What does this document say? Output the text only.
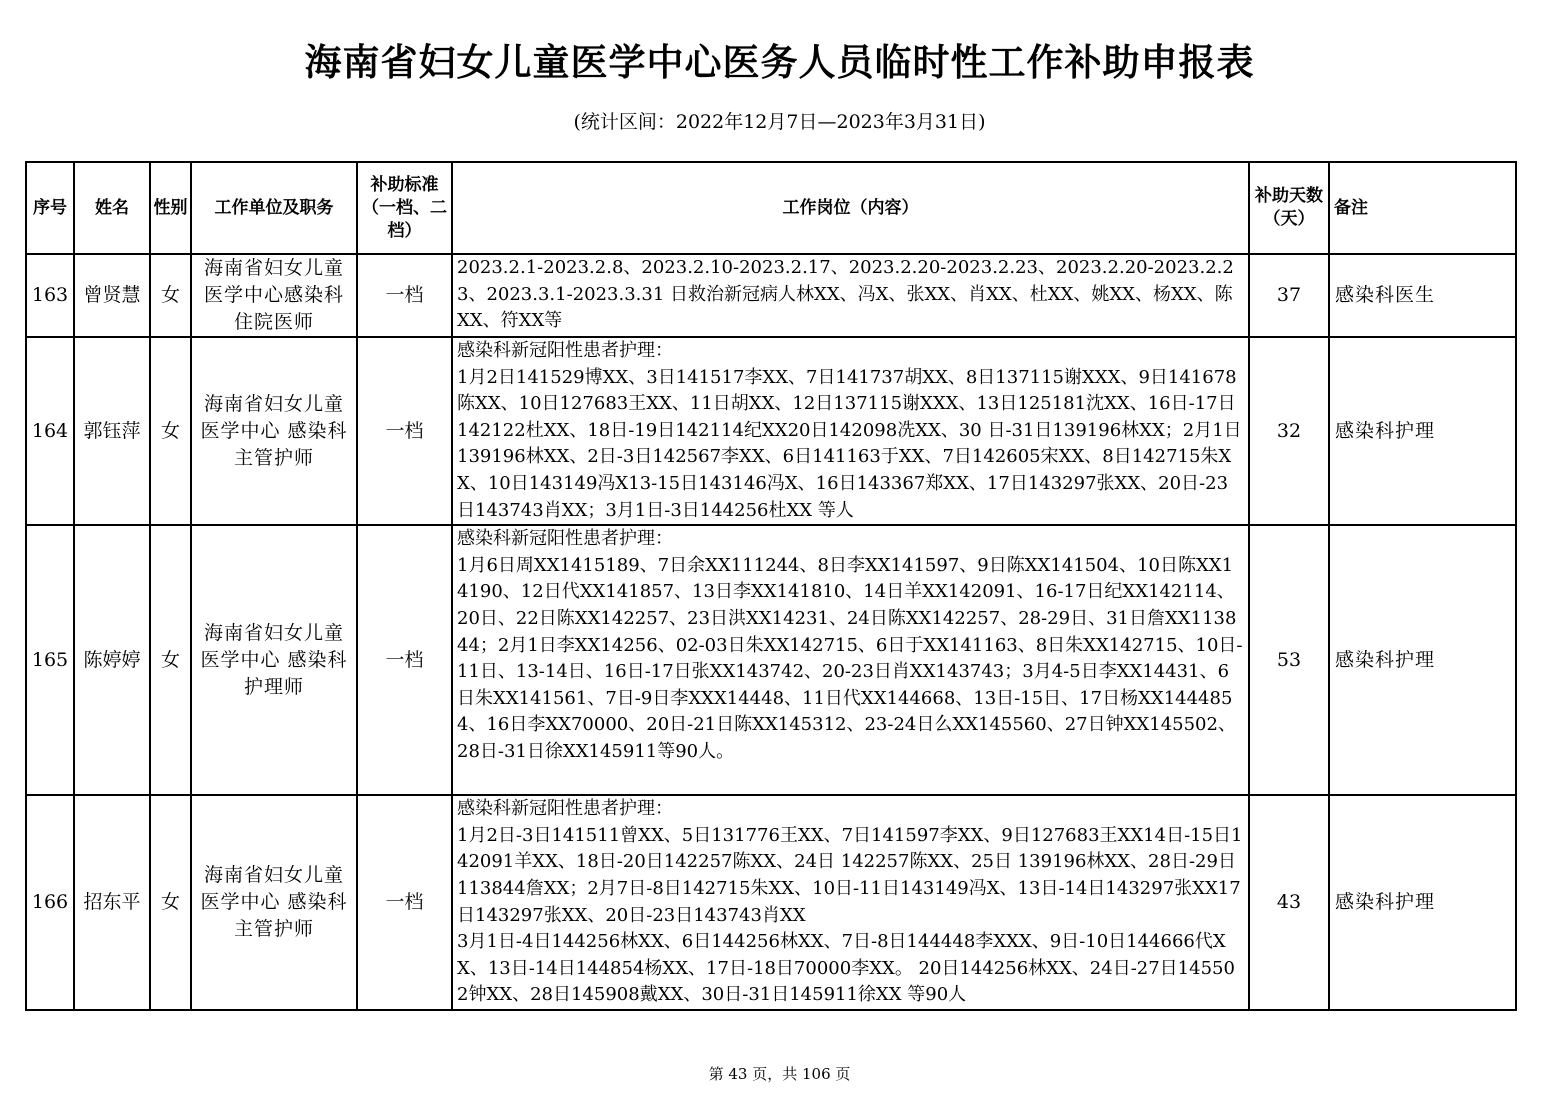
海南省妇女儿童医学中心医务人员临时性工作补助申报表
(统计区间：2022年12月7日—2023年3月31日)
序号	姓名	性别	工作单位及职务	补助标准（一档、二档）	工作岗位（内容）	补助天数（天）	备注
163	曾贤慧	女	海南省妇女儿童医学中心感染科住院医师	一档	2023.2.1-2023.2.8、2023.2.10-2023.2.17、2023.2.20-2023.2.23、2023.2.20-2023.2.23、2023.3.1-2023.3.31 日救治新冠病人林XX、冯X、张XX、肖XX、杜XX、姚XX、杨XX、陈XX、符XX等	37	感染科医生
164	郭钰萍	女	海南省妇女儿童医学中心 感染科主管护师	一档	感染科新冠阳性患者护理：
1月2日141529博XX、3日141517李XX、7日141737胡XX、8日137115谢XXX、9日141678陈XX、10日127683王XX、11日胡XX、12日137115谢XXX、13日125181沈XX、16日-17日142122杜XX、18日-19日142114纪XX20日142098冼XX、30 日-31日139196林XX；2月1日139196林XX、2日-3日142567李XX、6日141163于XX、7日142605宋XX、8日142715朱XX、10日143149冯X13-15日143146冯X、16日143367郑XX、17日143297张XX、20日-23日143743肖XX；3月1日-3日144256杜XX 等人	32	感染科护理
165	陈婷婷	女	海南省妇女儿童医学中心 感染科护理师	一档	感染科新冠阳性患者护理：
1月6日周XX1415189、7日余XX111244、8日李XX141597、9日陈XX141504、10日陈XX14190、12日代XX141857、13日李XX141810、14日羊XX142091、16-17日纪XX142114、20日、22日陈XX142257、23日洪XX14231、24日陈XX142257、28-29日、31日詹XX113844；2月1日李XX14256、02-03日朱XX142715、6日于XX141163、8日朱XX142715、10日-11日、13-14日、16日-17日张XX143742、20-23日肖XX143743；3月4-5日李XX14431、6日朱XX141561、7日-9日李XXX14448、11日代XX144668、13日-15日、17日杨XX1444854、16日李XX70000、20日-21日陈XX145312、23-24日么XX145560、27日钟XX145502、28日-31日徐XX145911等90人。	53	感染科护理
166	招东平	女	海南省妇女儿童医学中心 感染科主管护师	一档	感染科新冠阳性患者护理：
1月2日-3日141511曾XX、5日131776王XX、7日141597李XX、9日127683王XX14日-15日142091羊XX、18日-20日142257陈XX、24日 142257陈XX、25日 139196林XX、28日-29日113844詹XX；2月7日-8日142715朱XX、10日-11日143149冯X、13日-14日143297张XX17日143297张XX、20日-23日143743肖XX
3月1日-4日144256林XX、6日144256林XX、7日-8日144448李XXX、9日-10日144666代XX、13日-14日144854杨XX、17日-18日70000李XX。 20日144256林XX、24日-27日145502钟XX、28日145908戴XX、30日-31日145911徐XX 等90人	43	感染科护理
第 43 页，共 106 页
